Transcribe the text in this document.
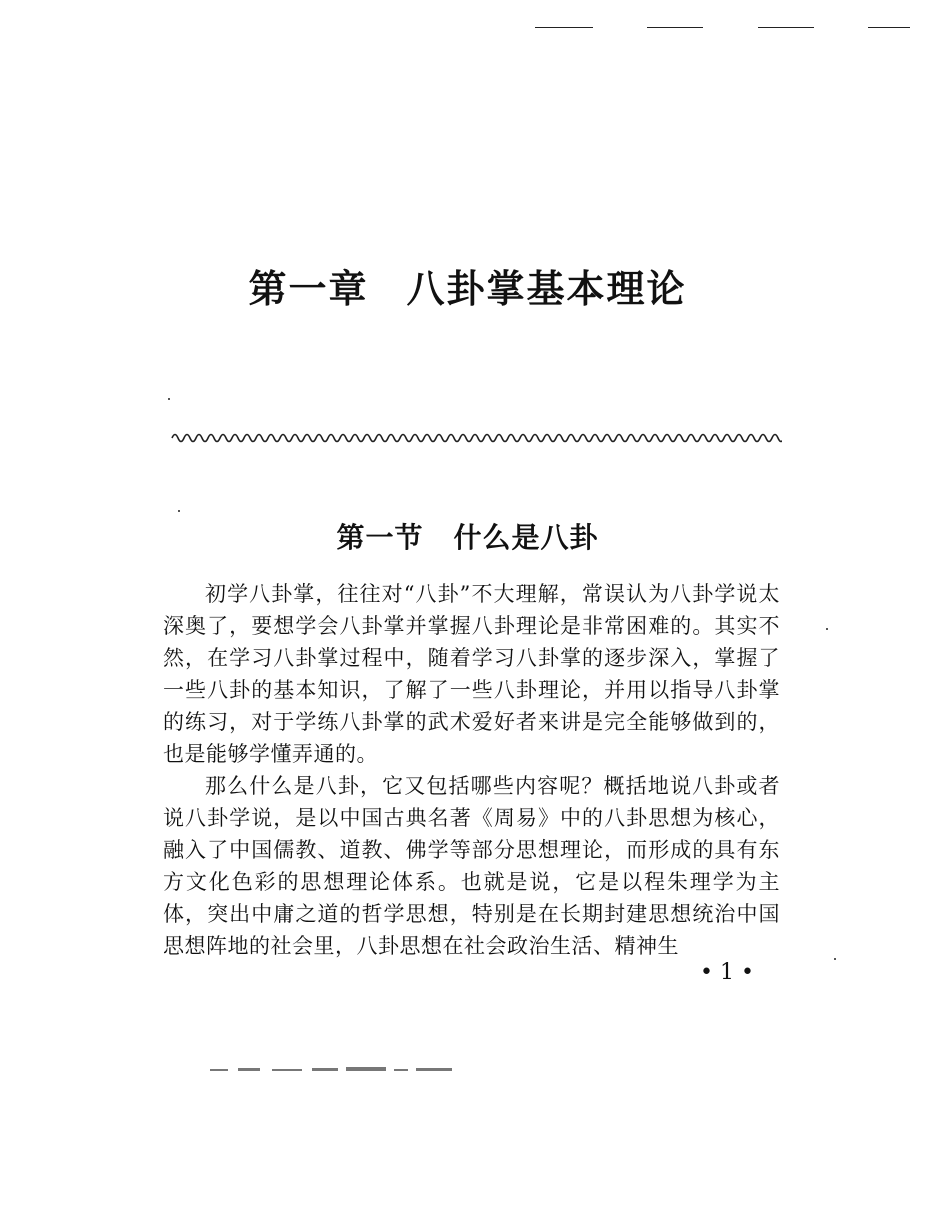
第一章 八卦掌基本理论
第一节 什么是八卦

初学八卦掌，往往对“八卦”不大理解，常误认为八卦学说太深奥了，要想学会八卦掌并掌握八卦理论是非常困难的。其实不然，在学习八卦掌过程中，随着学习八卦掌的逐步深入，掌握了一些八卦的基本知识，了解了一些八卦理论，并用以指导八卦掌的练习，对于学练八卦掌的武术爱好者来讲是完全能够做到的，也是能够学懂弄通的。

那么什么是八卦，它又包括哪些内容呢？概括地说八卦或者说八卦学说，是以中国古典名著《周易》中的八卦思想为核心，融入了中国儒教、道教、佛学等部分思想理论，而形成的具有东方文化色彩的思想理论体系。也就是说，它是以程朱理学为主体，突出中庸之道的哲学思想，特别是在长期封建思想统治中国思想阵地的社会里，八卦思想在社会政治生活、精神生

• 1 •
